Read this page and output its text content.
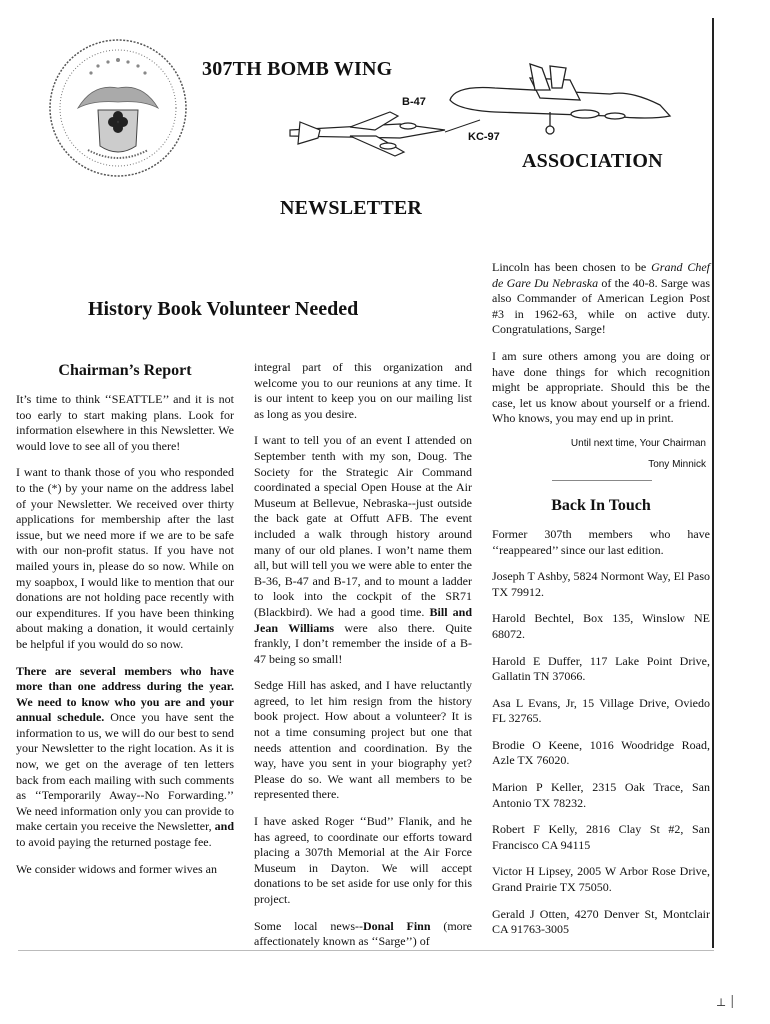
307TH BOMB WING
B-47
KC-97
ASSOCIATION
NEWSLETTER
History Book Volunteer Needed
Chairman’s Report

It’s time to think ‘‘SEATTLE’’ and it is not too early to start making plans. Look for information elsewhere in this Newsletter. We would love to see all of you there!

I want to thank those of you who responded to the (*) by your name on the address label of your Newsletter. We received over thirty applications for membership after the last issue, but we need more if we are to be safe with our non-profit status. If you have not mailed yours in, please do so now. While on my soapbox, I would like to mention that our donations are not holding pace recently with our expenditures. If you have been thinking about making a donation, it would certainly be helpful if you would do so now.

There are several members who have more than one address during the year. We need to know who you are and your annual schedule. Once you have sent the information to us, we will do our best to send your Newsletter to the right location. As it is now, we get on the average of ten letters back from each mailing with such comments as ‘‘Temporarily Away--No Forwarding.’’ We need information only you can provide to make certain you receive the Newsletter, and to avoid paying the returned postage fee.

We consider widows and former wives an

integral part of this organization and welcome you to our reunions at any time. It is our intent to keep you on our mailing list as long as you desire.

I want to tell you of an event I attended on September tenth with my son, Doug. The Society for the Strategic Air Command coordinated a special Open House at the Air Museum at Bellevue, Nebraska--just outside the back gate at Offutt AFB. The event included a walk through history around many of our old planes. I won’t name them all, but will tell you we were able to enter the B-36, B-47 and B-17, and to mount a ladder to look into the cockpit of the SR71 (Blackbird). We had a good time. Bill and Jean Williams were also there. Quite frankly, I don’t remember the inside of a B-47 being so small!

Sedge Hill has asked, and I have reluctantly agreed, to let him resign from the history book project. How about a volunteer? It is not a time consuming project but one that needs attention and coordination. By the way, have you sent in your biography yet? Please do so. We want all members to be represented there.

I have asked Roger ‘‘Bud’’ Flanik, and he has agreed, to coordinate our efforts toward placing a 307th Memorial at the Air Force Museum in Dayton. We will accept donations to be set aside for use only for this project.

Some local news--Donal Finn (more affectionately known as ‘‘Sarge’’) of

Lincoln has been chosen to be Grand Chef de Gare Du Nebraska of the 40-8. Sarge was also Commander of American Legion Post #3 in 1962-63, while on active duty. Congratulations, Sarge!

I am sure others among you are doing or have done things for which recognition might be appropriate. Should this be the case, let us know about yourself or a friend. Who knows, you may end up in print.

Until next time, Your Chairman
Tony Minnick
Back In Touch

Former 307th members who have ‘‘reappeared’’ since our last edition.

Joseph T Ashby, 5824 Normont Way, El Paso TX 79912.

Harold Bechtel, Box 135, Winslow NE 68072.

Harold E Duffer, 117 Lake Point Drive, Gallatin TN 37066.

Asa L Evans, Jr, 15 Village Drive, Oviedo FL 32765.

Brodie O Keene, 1016 Woodridge Road, Azle TX 76020.

Marion P Keller, 2315 Oak Trace, San Antonio TX 78232.

Robert F Kelly, 2816 Clay St #2, San Francisco CA 94115

Victor H Lipsey, 2005 W Arbor Rose Drive, Grand Prairie TX 75050.

Gerald J Otten, 4270 Denver St, Montclair CA 91763-3005

⊥ ׀
